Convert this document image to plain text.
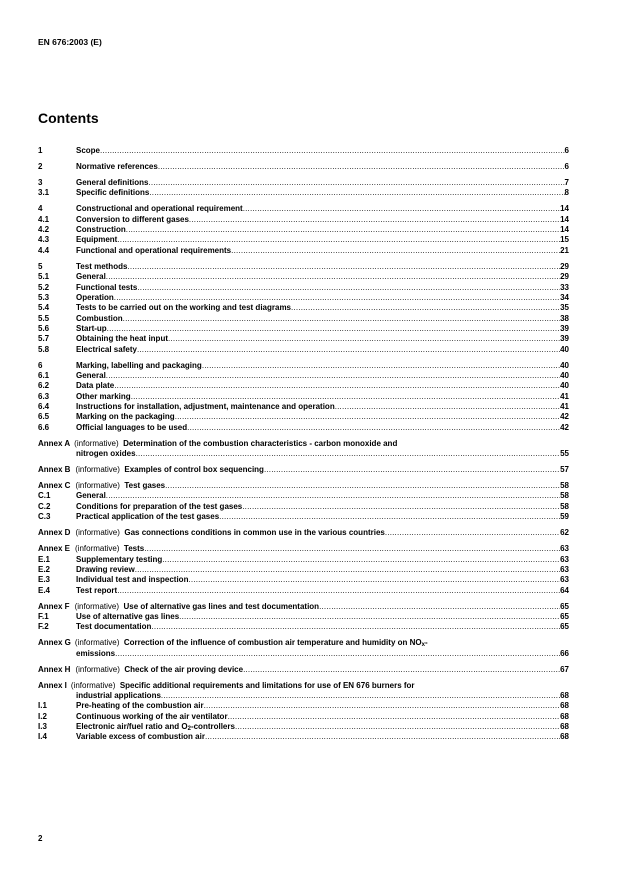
EN 676:2003 (E)
Contents
1	Scope .....	6
2	Normative references .....	6
3	General definitions .....	7
3.1	Specific definitions .....	8
4	Constructional and operational requirement .....	14
4.1	Conversion to different gases .....	14
4.2	Construction .....	14
4.3	Equipment .....	15
4.4	Functional and operational requirements .....	21
5	Test methods .....	29
5.1	General .....	29
5.2	Functional tests .....	33
5.3	Operation .....	34
5.4	Tests to be carried out on the working and test diagrams .....	35
5.5	Combustion .....	38
5.6	Start-up .....	39
5.7	Obtaining the heat input .....	39
5.8	Electrical safety .....	40
6	Marking, labelling and packaging .....	40
6.1	General .....	40
6.2	Data plate .....	40
6.3	Other marking .....	41
6.4	Instructions for installation, adjustment, maintenance and operation .....	41
6.5	Marking on the packaging .....	42
6.6	Official languages to be used .....	42
Annex A (informative) Determination of the combustion characteristics - carbon monoxide and
nitrogen oxides .....	55
Annex B (informative) Examples of control box sequencing .....	57
Annex C (informative) Test gases .....	58
C.1	General .....	58
C.2	Conditions for preparation of the test gases .....	58
C.3	Practical application of the test gases .....	59
Annex D (informative) Gas connections conditions in common use in the various countries .....	62
Annex E (informative) Tests .....	63
E.1	Supplementary testing .....	63
E.2	Drawing review .....	63
E.3	Individual test and inspection .....	63
E.4	Test report .....	64
Annex F (informative) Use of alternative gas lines and test documentation .....	65
F.1	Use of alternative gas lines .....	65
F.2	Test documentation .....	65
Annex G (informative) Correction of the influence of combustion air temperature and humidity on $NO_x-$
emissions .....	66
Annex H (informative) Check of the air proving device .....	67
Annex I (informative) Specific additional requirements and limitations for use of EN 676 burners for
industrial applications .....	68
I.1	Pre-heating of the combustion air .....	68
I.2	Continuous working of the air ventilator .....	68
I.3	Electronic air/fuel ratio and $O_2$-controllers .....	68
I.4	Variable excess of combustion air .....	68
2
